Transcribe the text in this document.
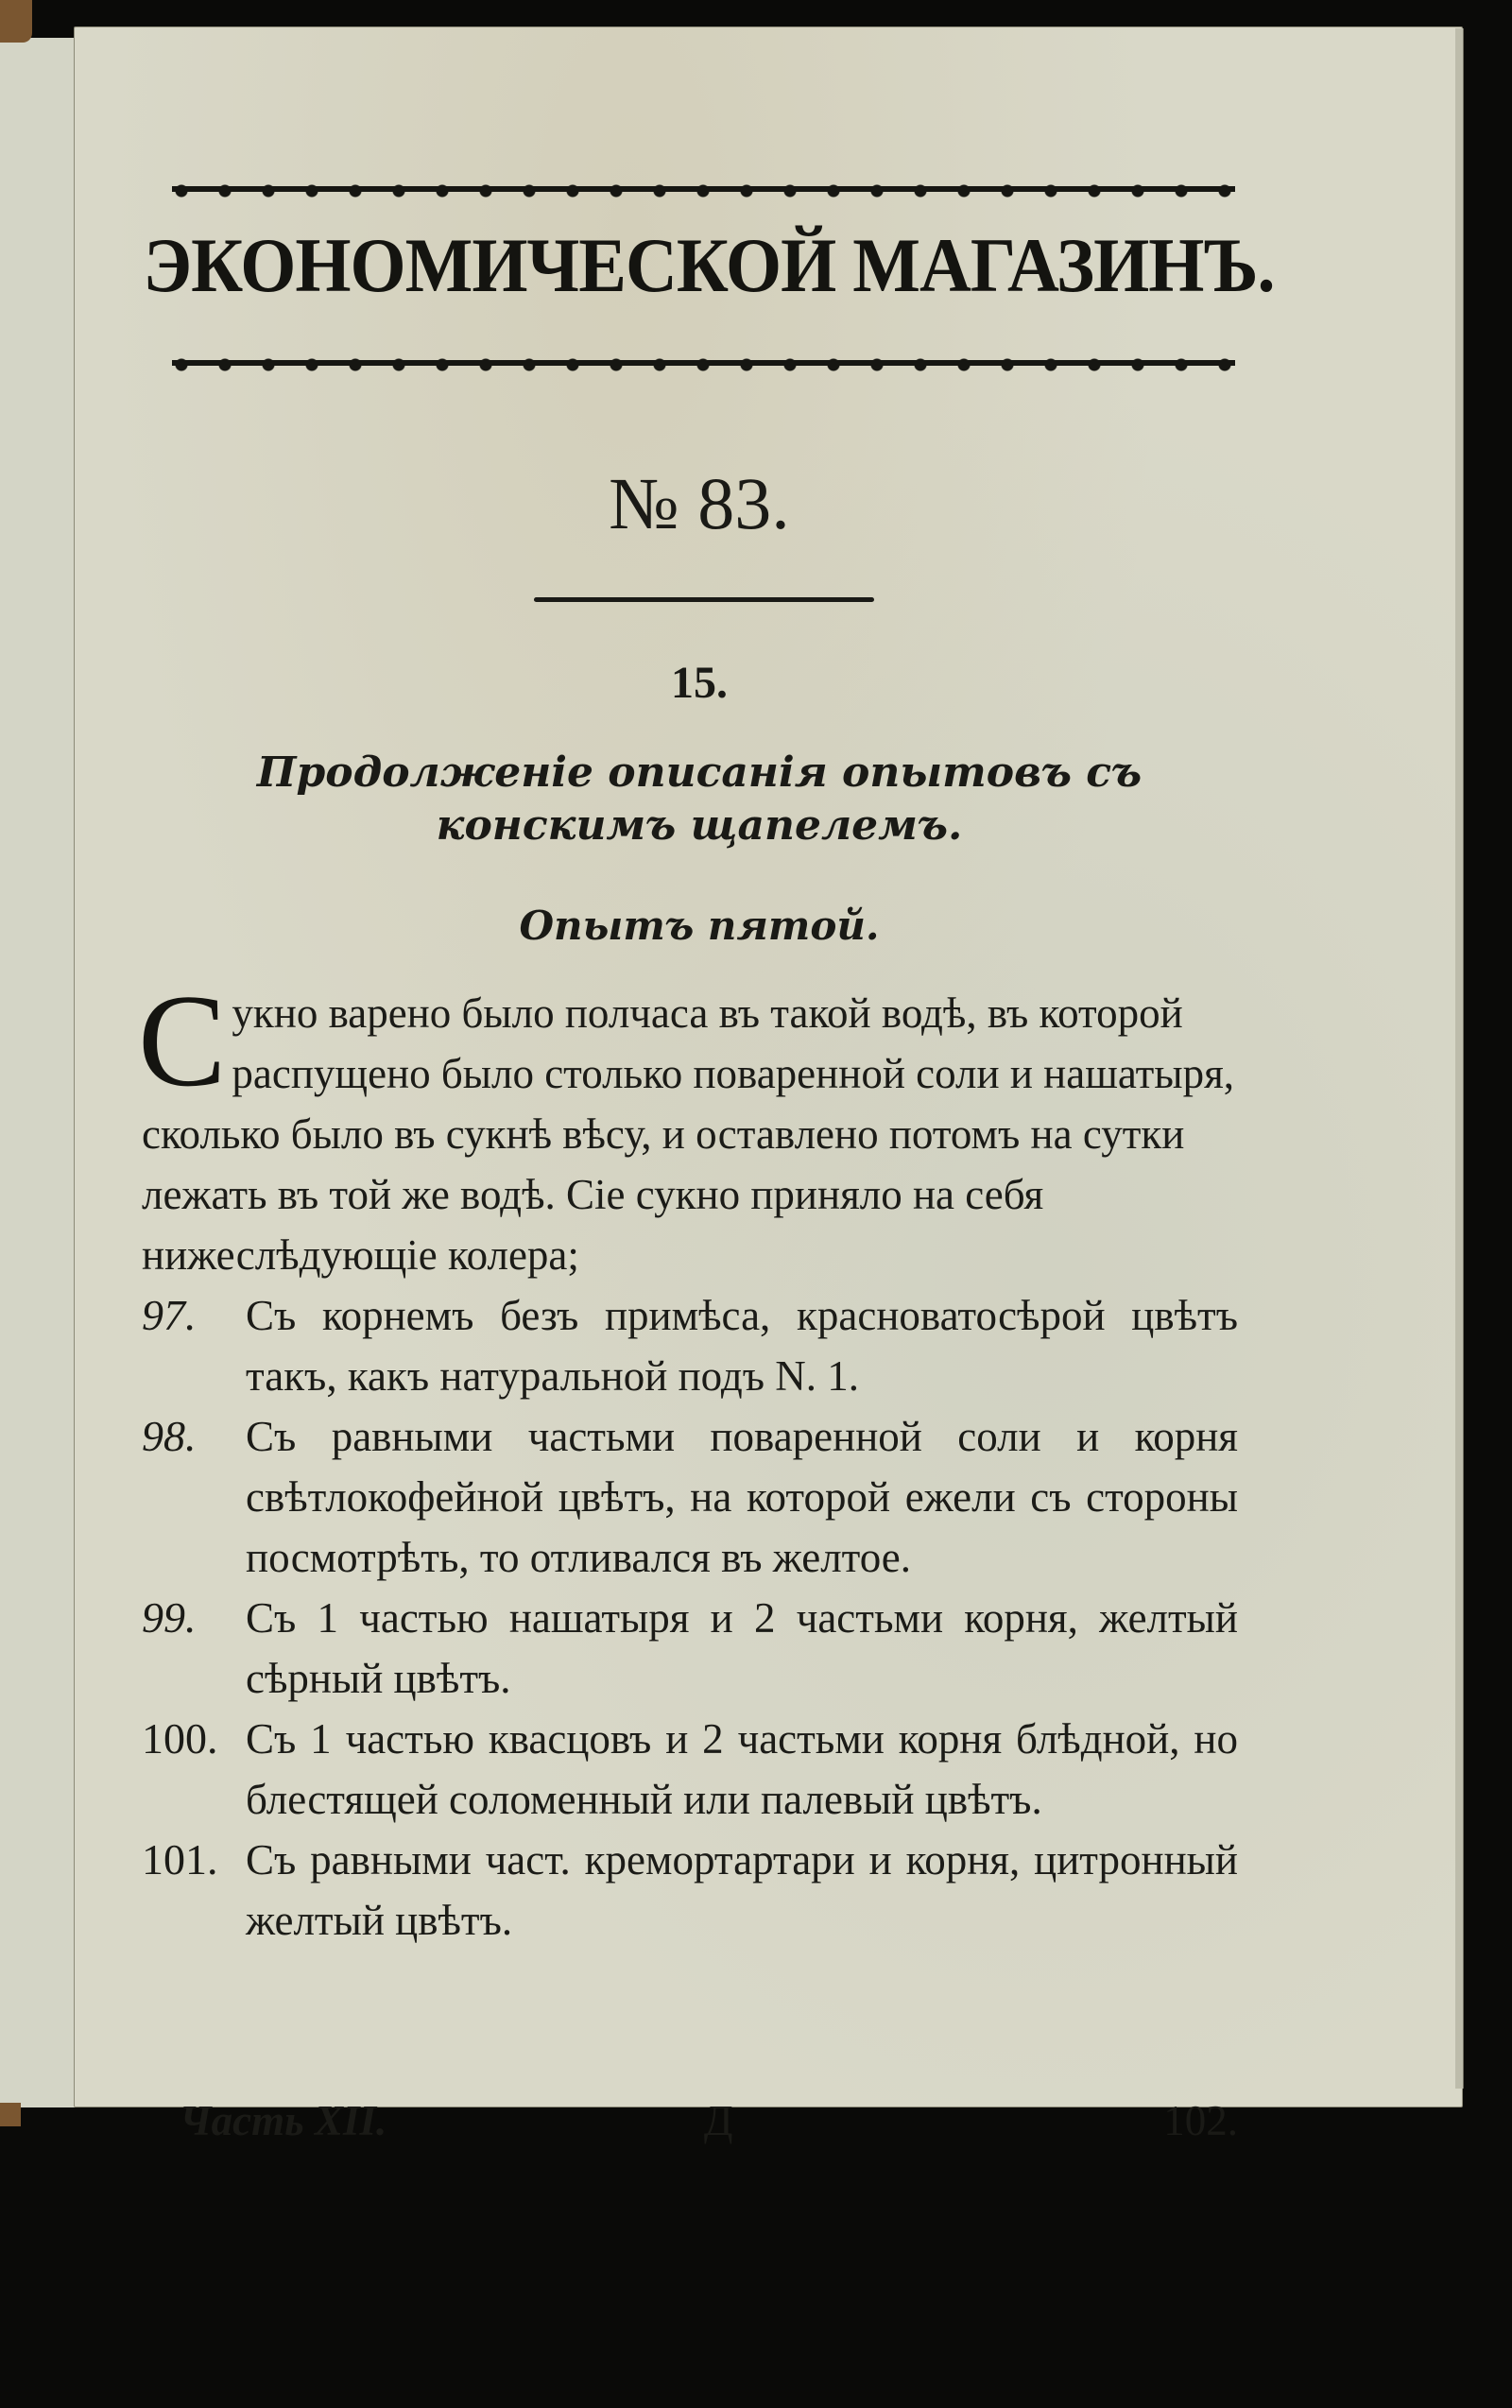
ЭКОНОМИЧЕСКОЙ МАГАЗИНЪ.
№ 83.
15.
Продолженіе описанія опытовъ съ конскимъ щапелемъ.
Опытъ пятой.
С укно варено было полчаса въ такой водѣ, въ которой распущено было столько поваренной соли и нашатыря, сколько было въ сукнѣ вѣсу, и оставлено потомъ на сутки лежать въ той же водѣ. Сіе сукно приняло на себя нижеслѣдующіе колера;
97.	Съ корнемъ безъ примѣса, красноватосѣрой цвѣтъ такъ, какъ натуральной подъ N. 1.
98.	Съ равными частьми поваренной соли и корня свѣтлокофейной цвѣтъ, на которой ежели съ стороны посмотрѣть, то отливался въ желтое.
99.	Съ 1 частью нашатыря и 2 частьми корня, желтый сѣрный цвѣтъ.
100. Съ 1 частью квасцовъ и 2 частьми корня блѣдной, но блестящей соломенный или палевый цвѣтъ.
101. Съ равными част. кремортартари и корня, цитронный желтый цвѣтъ.
Часть XII.	Д	102.
